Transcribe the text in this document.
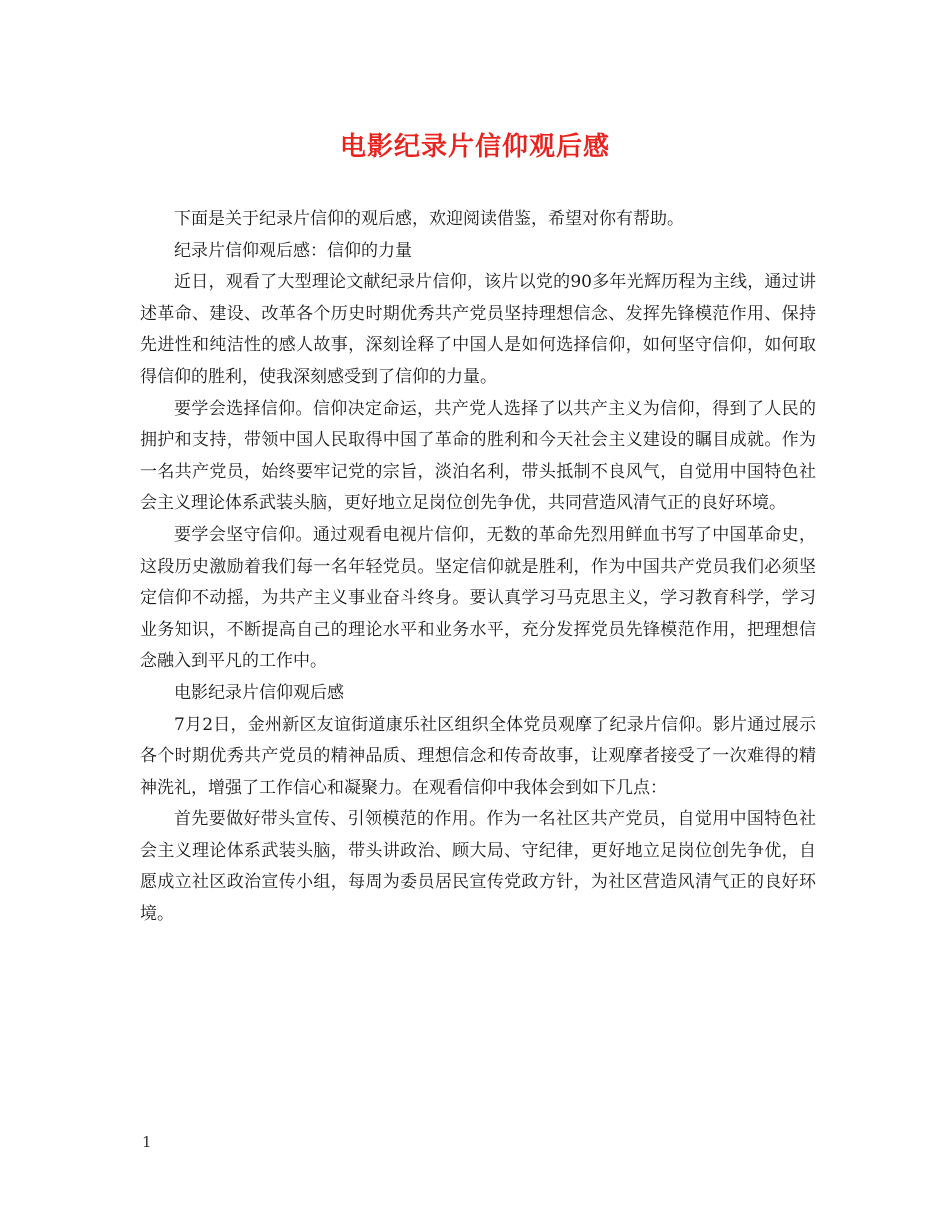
电影纪录片信仰观后感

下面是关于纪录片信仰的观后感，欢迎阅读借鉴，希望对你有帮助。

纪录片信仰观后感：信仰的力量

近日，观看了大型理论文献纪录片信仰，该片以党的90多年光辉历程为主线，通过讲述革命、建设、改革各个历史时期优秀共产党员坚持理想信念、发挥先锋模范作用、保持先进性和纯洁性的感人故事，深刻诠释了中国人是如何选择信仰，如何坚守信仰，如何取得信仰的胜利，使我深刻感受到了信仰的力量。

要学会选择信仰。信仰决定命运，共产党人选择了以共产主义为信仰，得到了人民的拥护和支持，带领中国人民取得中国了革命的胜利和今天社会主义建设的瞩目成就。作为一名共产党员，始终要牢记党的宗旨，淡泊名利，带头抵制不良风气，自觉用中国特色社会主义理论体系武装头脑，更好地立足岗位创先争优，共同营造风清气正的良好环境。

要学会坚守信仰。通过观看电视片信仰，无数的革命先烈用鲜血书写了中国革命史，这段历史激励着我们每一名年轻党员。坚定信仰就是胜利，作为中国共产党员我们必须坚定信仰不动摇，为共产主义事业奋斗终身。要认真学习马克思主义，学习教育科学，学习业务知识，不断提高自己的理论水平和业务水平，充分发挥党员先锋模范作用，把理想信念融入到平凡的工作中。

电影纪录片信仰观后感

7月2日，金州新区友谊街道康乐社区组织全体党员观摩了纪录片信仰。影片通过展示各个时期优秀共产党员的精神品质、理想信念和传奇故事，让观摩者接受了一次难得的精神洗礼，增强了工作信心和凝聚力。在观看信仰中我体会到如下几点：

首先要做好带头宣传、引领模范的作用。作为一名社区共产党员，自觉用中国特色社会主义理论体系武装头脑，带头讲政治、顾大局、守纪律，更好地立足岗位创先争优，自愿成立社区政治宣传小组，每周为委员居民宣传党政方针，为社区营造风清气正的良好环境。

1
